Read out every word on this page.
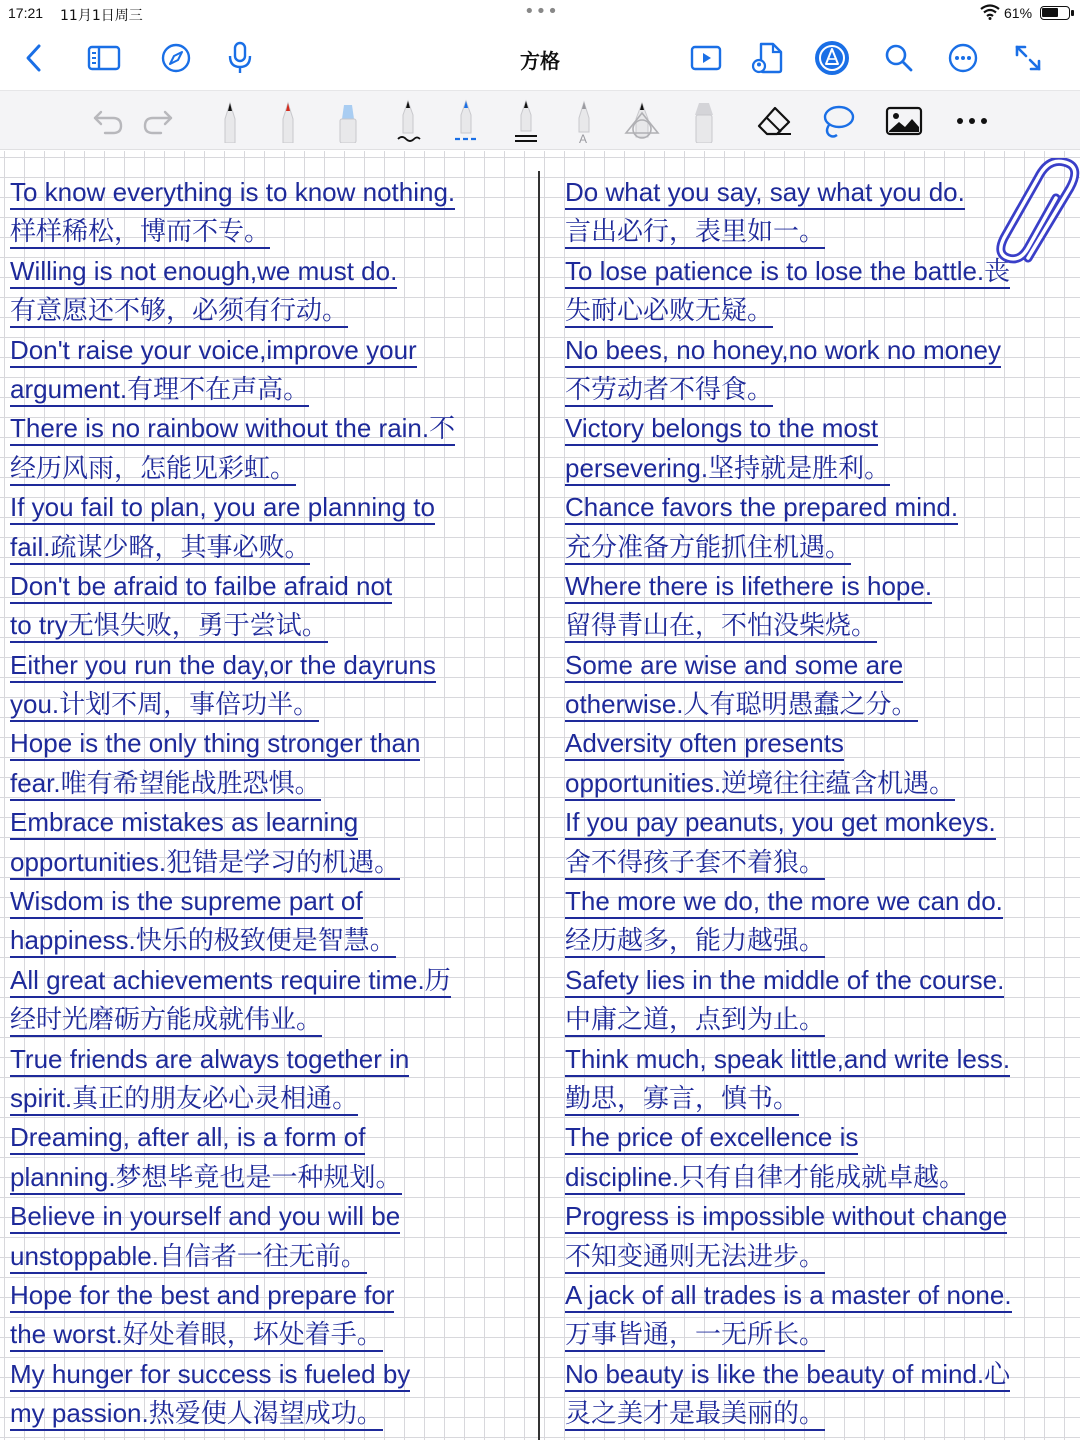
17:21 11月1日周三	•••	61%
方格
A
To know everything is to know nothing.
样样稀松，博而不专。
Willing is not enough,we must do.
有意愿还不够，必须有行动。
Don't raise your voice,improve your
argument.有理不在声高。
There is no rainbow without the rain.不
经历风雨，怎能见彩虹。
If you fail to plan, you are planning to
fail.疏谋少略，其事必败。
Don't be afraid to failbe afraid not
to try无惧失败，勇于尝试。
Either you run the day,or the dayruns
you.计划不周，事倍功半。
Hope is the only thing stronger than
fear.唯有希望能战胜恐惧。
Embrace mistakes as learning
opportunities.犯错是学习的机遇。
Wisdom is the supreme part of
happiness.快乐的极致便是智慧。
All great achievements require time.历
经时光磨砺方能成就伟业。
True friends are always together in
spirit.真正的朋友必心灵相通。
Dreaming, after all, is a form of
planning.梦想毕竟也是一种规划。
Believe in yourself and you will be
unstoppable.自信者一往无前。
Hope for the best and prepare for
the worst.好处着眼，坏处着手。
My hunger for success is fueled by
my passion.热爱使人渴望成功。
Do what you say, say what you do.
言出必行，表里如一。
To lose patience is to lose the battle.丧
失耐心必败无疑。
No bees, no honey,no work no money
不劳动者不得食。
Victory belongs to the most
persevering.坚持就是胜利。
Chance favors the prepared mind.
充分准备方能抓住机遇。
Where there is lifethere is hope.
留得青山在，不怕没柴烧。
Some are wise and some are
otherwise.人有聪明愚蠢之分。
Adversity often presents
opportunities.逆境往往蕴含机遇。
If you pay peanuts, you get monkeys.
舍不得孩子套不着狼。
The more we do, the more we can do.
经历越多，能力越强。
Safety lies in the middle of the course.
中庸之道，点到为止。
Think much, speak little,and write less.
勤思，寡言，慎书。
The price of excellence is
discipline.只有自律才能成就卓越。
Progress is impossible without change
不知变通则无法进步。
A jack of all trades is a master of none.
万事皆通，一无所长。
No beauty is like the beauty of mind.心
灵之美才是最美丽的。
